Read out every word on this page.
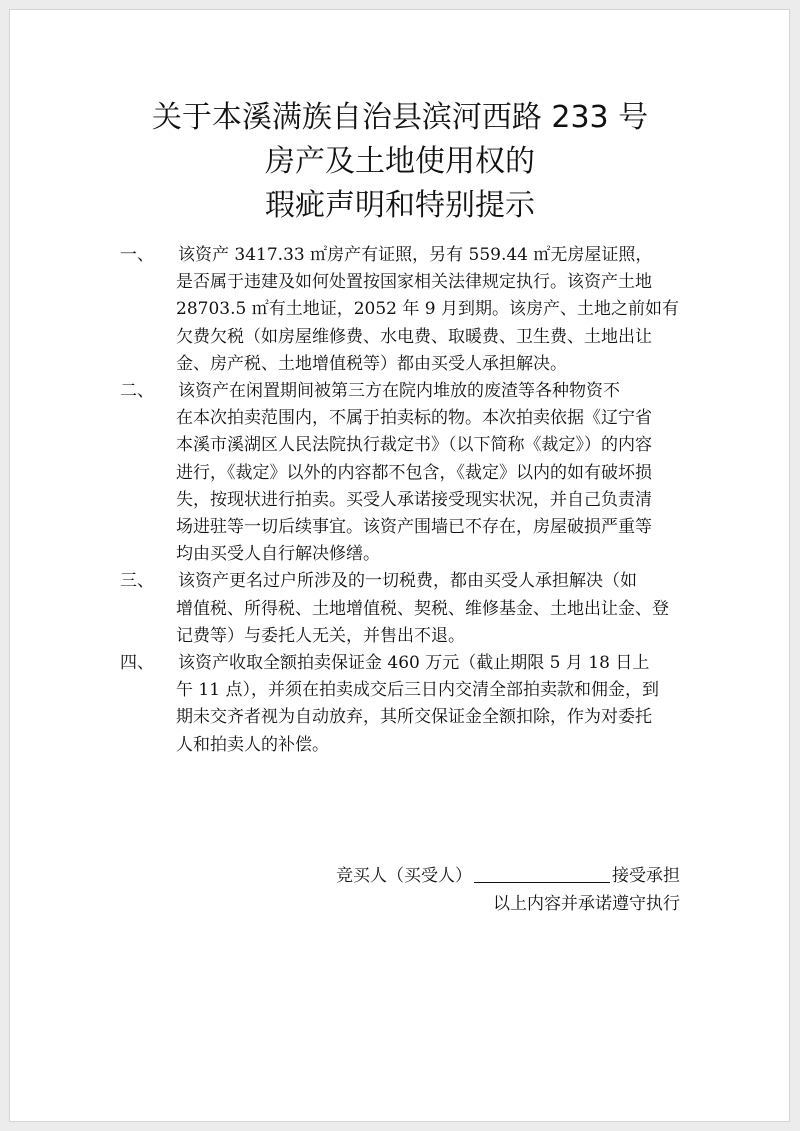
关于本溪满族自治县滨河西路 233 号
房产及土地使用权的
瑕疵声明和特别提示
一、 该资产 3417.33 ㎡房产有证照，另有 559.44 ㎡无房屋证照，
是否属于违建及如何处置按国家相关法律规定执行。该资产土地
28703.5 ㎡有土地证，2052 年 9 月到期。该房产、土地之前如有
欠费欠税（如房屋维修费、水电费、取暖费、卫生费、土地出让
金、房产税、土地增值税等）都由买受人承担解决。
二、 该资产在闲置期间被第三方在院内堆放的废渣等各种物资不
在本次拍卖范围内，不属于拍卖标的物。本次拍卖依据《辽宁省
本溪市溪湖区人民法院执行裁定书》（以下简称《裁定》）的内容
进行，《裁定》以外的内容都不包含，《裁定》以内的如有破坏损
失，按现状进行拍卖。买受人承诺接受现实状况，并自己负责清
场进驻等一切后续事宜。该资产围墙已不存在，房屋破损严重等
均由买受人自行解决修缮。
三、 该资产更名过户所涉及的一切税费，都由买受人承担解决（如
增值税、所得税、土地增值税、契税、维修基金、土地出让金、登
记费等）与委托人无关，并售出不退。
四、 该资产收取全额拍卖保证金 460 万元（截止期限 5 月 18 日上
午 11 点），并须在拍卖成交后三日内交清全部拍卖款和佣金，到
期未交齐者视为自动放弃，其所交保证金全额扣除，作为对委托
人和拍卖人的补偿。
竞买人（买受人）	接受承担
以上内容并承诺遵守执行
